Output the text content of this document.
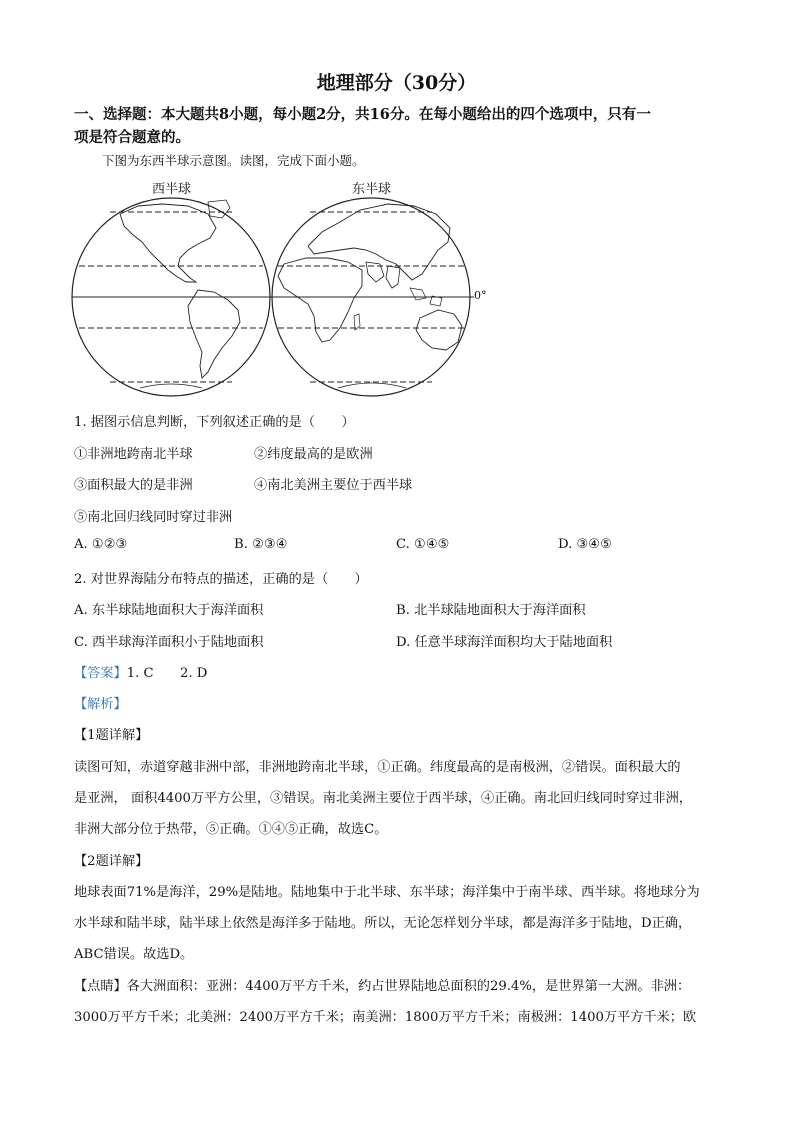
地理部分（30分）
一、选择题：本大题共8小题，每小题2分，共16分。在每小题给出的四个选项中，只有一
项是符合题意的。
下图为东西半球示意图。读图，完成下面小题。
西半球	东半球
0°
1. 据图示信息判断，下列叙述正确的是（　　）
①非洲地跨南北半球	②纬度最高的是欧洲
③面积最大的是非洲	④南北美洲主要位于西半球
⑤南北回归线同时穿过非洲
A. ①②③	B. ②③④	C. ①④⑤	D. ③④⑤
2. 对世界海陆分布特点的描述，正确的是（　　）
A. 东半球陆地面积大于海洋面积	B. 北半球陆地面积大于海洋面积
C. 西半球海洋面积小于陆地面积	D. 任意半球海洋面积均大于陆地面积
【答案】1. C　　2. D
【解析】
【1题详解】
读图可知，赤道穿越非洲中部，非洲地跨南北半球，①正确。纬度最高的是南极洲，②错误。面积最大的
是亚洲， 面积4400万平方公里，③错误。南北美洲主要位于西半球，④正确。南北回归线同时穿过非洲，
非洲大部分位于热带，⑤正确。①④⑤正确，故选C。
【2题详解】
地球表面71%是海洋，29%是陆地。陆地集中于北半球、东半球；海洋集中于南半球、西半球。将地球分为
水半球和陆半球，陆半球上依然是海洋多于陆地。所以，无论怎样划分半球，都是海洋多于陆地，D正确，
ABC错误。故选D。
【点睛】各大洲面积：亚洲：4400万平方千米，约占世界陆地总面积的29.4%，是世界第一大洲。非洲：
3000万平方千米；北美洲：2400万平方千米；南美洲：1800万平方千米；南极洲：1400万平方千米；欧
